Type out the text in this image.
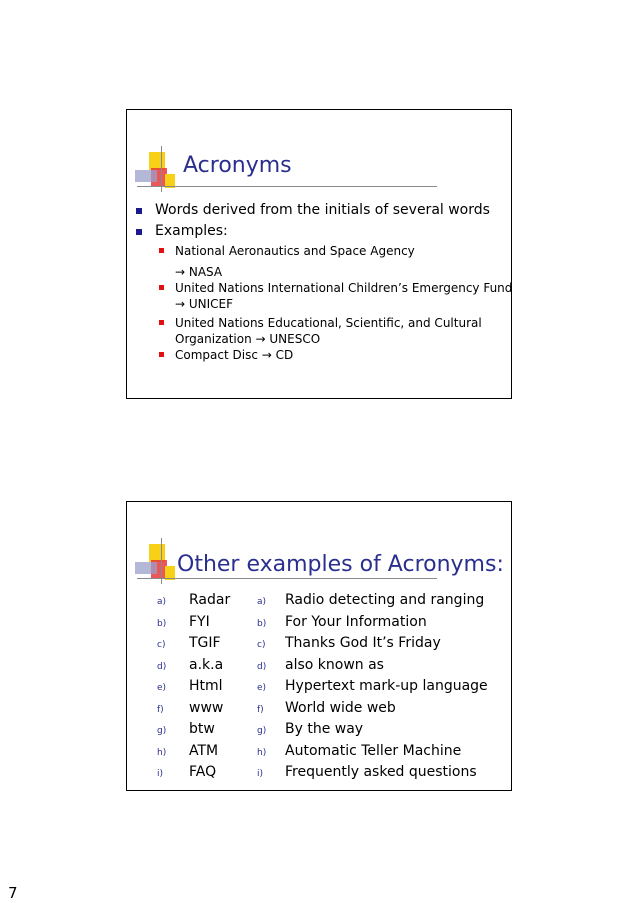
Acronyms
Words derived from the initials of several words
Examples:
National Aeronautics and Space Agency
→ NASA
United Nations International Children’s Emergency Fund
→ UNICEF
United Nations Educational, Scientific, and Cultural
Organization → UNESCO
Compact Disc → CD
Other examples of Acronyms:
a) Radar	a) Radio detecting and ranging
b) FYI	b) For Your Information
c) TGIF	c) Thanks God It’s Friday
d) a.k.a	d) also known as
e) Html	e) Hypertext mark-up language
f) www	f) World wide web
g) btw	g) By the way
h) ATM	h) Automatic Teller Machine
i) FAQ	i) Frequently asked questions
7
